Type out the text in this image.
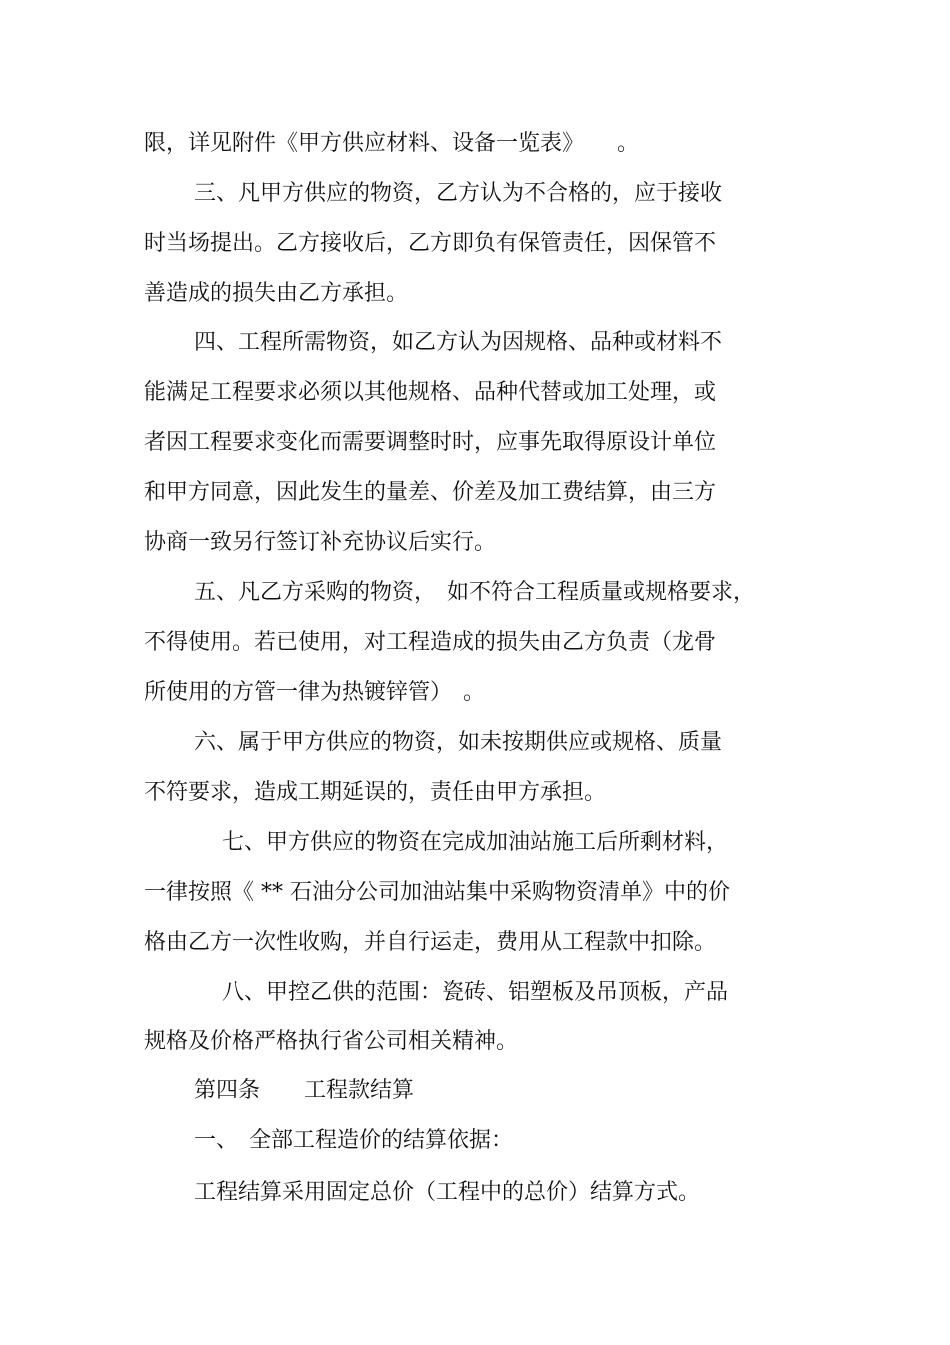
限，详见附件《甲方供应材料、设备一览表》　　。
三、凡甲方供应的物资，乙方认为不合格的，应于接收
时当场提出。乙方接收后，乙方即负有保管责任，因保管不
善造成的损失由乙方承担。
四、工程所需物资，如乙方认为因规格、品种或材料不
能满足工程要求必须以其他规格、品种代替或加工处理，或
者因工程要求变化而需要调整时时，应事先取得原设计单位
和甲方同意，因此发生的量差、价差及加工费结算，由三方
协商一致另行签订补充协议后实行。
五、凡乙方采购的物资，　如不符合工程质量或规格要求，
不得使用。若已使用，对工程造成的损失由乙方负责（龙骨
所使用的方管一律为热镀锌管）　。
六、属于甲方供应的物资，如未按期供应或规格、质量
不符要求，造成工期延误的，责任由甲方承担。
七、甲方供应的物资在完成加油站施工后所剩材料，
一律按照《 ** 石油分公司加油站集中采购物资清单》中的价
格由乙方一次性收购，并自行运走，费用从工程款中扣除。
八、甲控乙供的范围：瓷砖、铝塑板及吊顶板，产品
规格及价格严格执行省公司相关精神。
第四条　　工程款结算
一、　全部工程造价的结算依据：
工程结算采用固定总价（工程中的总价）结算方式。
